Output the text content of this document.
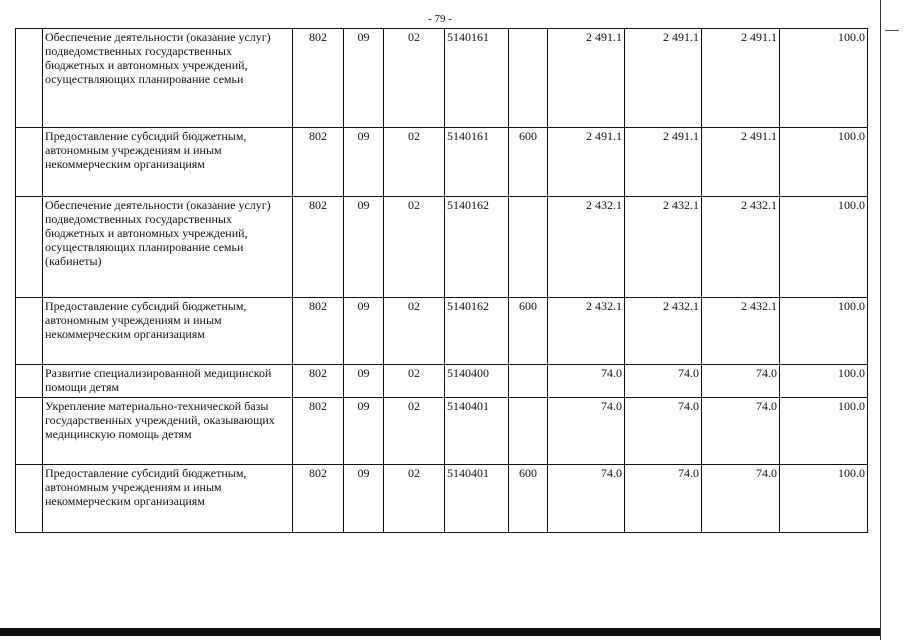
- 79 -
	Обеспечение деятельности (оказание услуг) подведомственных государственных бюджетных и автономных учреждений, осуществляющих планирование семьи	802	09	02	5140161		2 491.1	2 491.1	2 491.1	100.0
	Предоставление субсидий бюджетным, автономным учреждениям и иным некоммерческим организациям	802	09	02	5140161	600	2 491.1	2 491.1	2 491.1	100.0
	Обеспечение деятельности (оказание услуг) подведомственных государственных бюджетных и автономных учреждений, осуществляющих планирование семьи (кабинеты)	802	09	02	5140162		2 432.1	2 432.1	2 432.1	100.0
	Предоставление субсидий бюджетным, автономным учреждениям и иным некоммерческим организациям	802	09	02	5140162	600	2 432.1	2 432.1	2 432.1	100.0
	Развитие специализированной медицинской помощи детям	802	09	02	5140400		74.0	74.0	74.0	100.0
	Укрепление материально-технической базы государственных учреждений, оказывающих медицинскую помощь детям	802	09	02	5140401		74.0	74.0	74.0	100.0
	Предоставление субсидий бюджетным, автономным учреждениям и иным некоммерческим организациям	802	09	02	5140401	600	74.0	74.0	74.0	100.0
